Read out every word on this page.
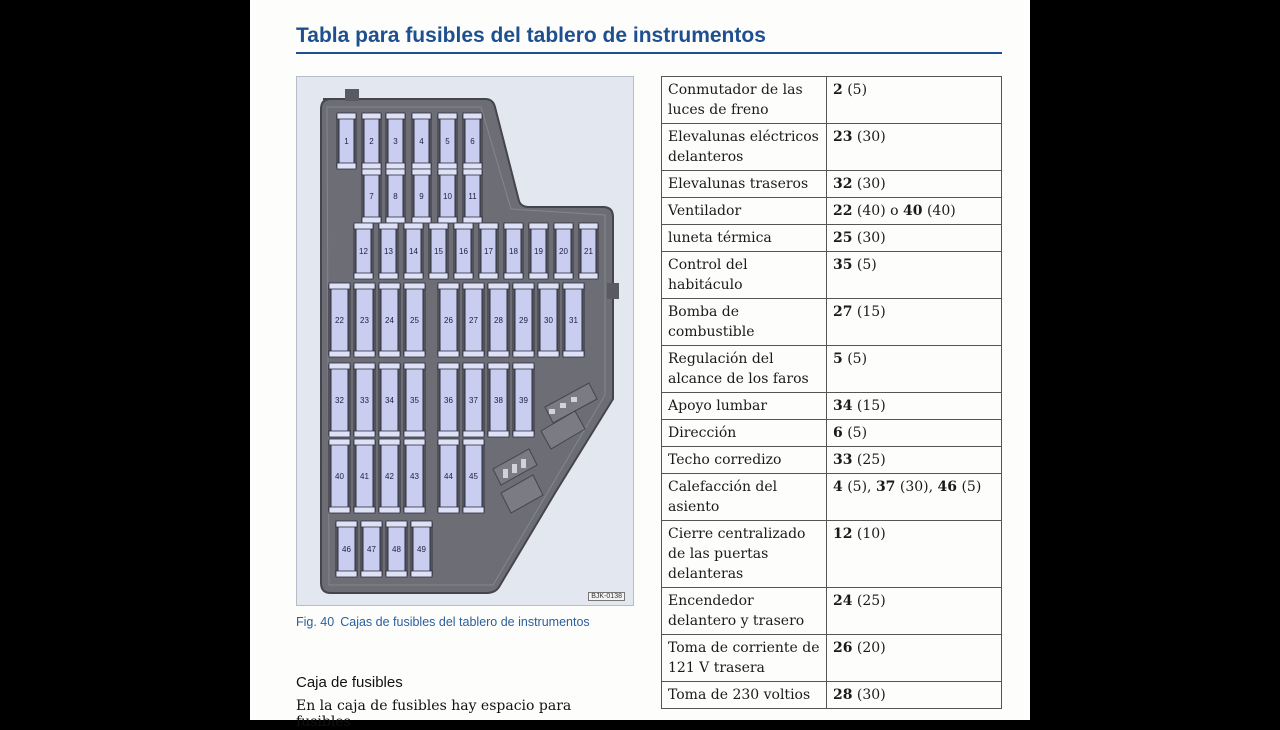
Tabla para fusibles del tablero de instrumentos
1	2 3	4	5	6
7 8	9 10 11
12 13 14 15 16 17 18 19 20 21
22 23 24 25	26 27 28 29 30 31
32 33 34 35	36 37 38 39
40 41 42 43	44 45
46 47 48 49
BJK-0138
Fig. 40 Cajas de fusibles del tablero de instrumentos
Caja de fusibles
En la caja de fusibles hay espacio para fusibles
Conmutador de las luces de freno	2 (5)
Elevalunas eléctricos delanteros	23 (30)
Elevalunas traseros	32 (30)
Ventilador	22 (40) o 40 (40)
luneta térmica	25 (30)
Control del habitáculo	35 (5)
Bomba de combustible	27 (15)
Regulación del alcance de los faros	5 (5)
Apoyo lumbar	34 (15)
Dirección	6 (5)
Techo corredizo	33 (25)
Calefacción del asiento	4 (5), 37 (30), 46 (5)
Cierre centralizado de las puertas delanteras	12 (10)
Encendedor delantero y trasero	24 (25)
Toma de corriente de 121 V trasera	26 (20)
Toma de 230 voltios	28 (30)
